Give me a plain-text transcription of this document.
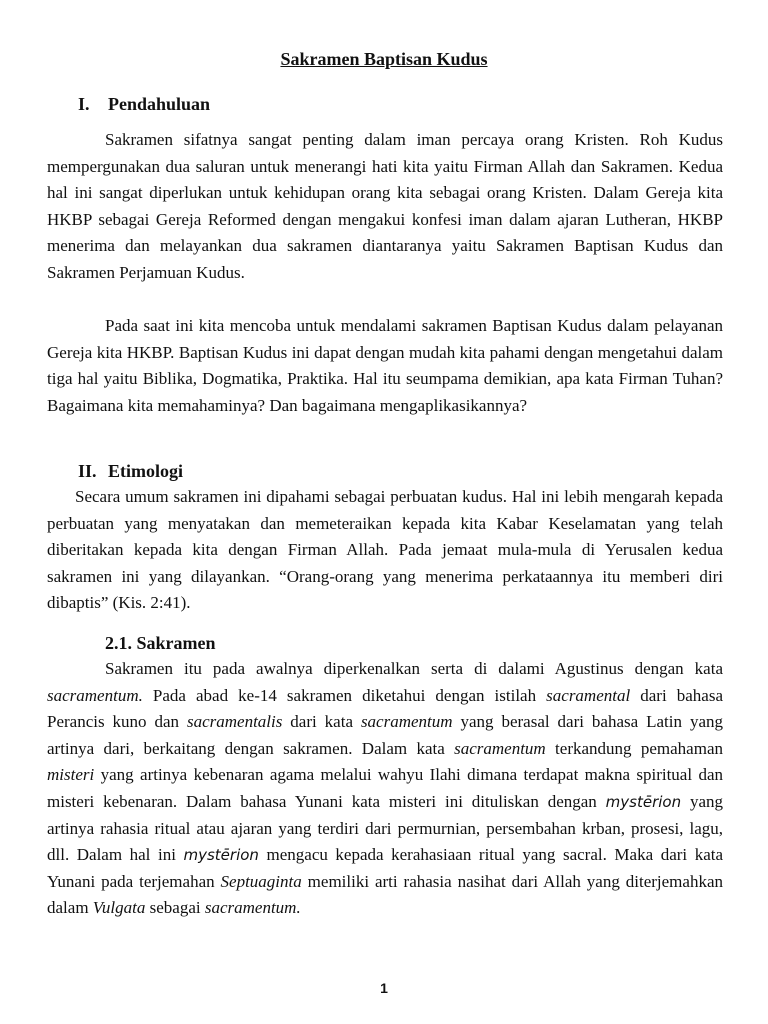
Sakramen Baptisan Kudus
I. Pendahuluan

Sakramen sifatnya sangat penting dalam iman percaya orang Kristen. Roh Kudus mempergunakan dua saluran untuk menerangi hati kita yaitu Firman Allah dan Sakramen. Kedua hal ini sangat diperlukan untuk kehidupan orang kita sebagai orang Kristen. Dalam Gereja kita HKBP sebagai Gereja Reformed dengan mengakui konfesi iman dalam ajaran Lutheran, HKBP menerima dan melayankan dua sakramen diantaranya yaitu Sakramen Baptisan Kudus dan Sakramen Perjamuan Kudus.

Pada saat ini kita mencoba untuk mendalami sakramen Baptisan Kudus dalam pelayanan Gereja kita HKBP. Baptisan Kudus ini dapat dengan mudah kita pahami dengan mengetahui dalam tiga hal yaitu Biblika, Dogmatika, Praktika. Hal itu seumpama demikian, apa kata Firman Tuhan? Bagaimana kita memahaminya? Dan bagaimana mengaplikasikannya?

II. Etimologi

Secara umum sakramen ini dipahami sebagai perbuatan kudus. Hal ini lebih mengarah kepada perbuatan yang menyatakan dan memeteraikan kepada kita Kabar Keselamatan yang telah diberitakan kepada kita dengan Firman Allah. Pada jemaat mula-mula di Yerusalen kedua sakramen ini yang dilayankan. “Orang-orang yang menerima perkataannya itu memberi diri dibaptis” (Kis. 2:41).

2.1. Sakramen

Sakramen itu pada awalnya diperkenalkan serta di dalami Agustinus dengan kata sacramentum. Pada abad ke-14 sakramen diketahui dengan istilah sacramental dari bahasa Perancis kuno dan sacramentalis dari kata sacramentum yang berasal dari bahasa Latin yang artinya dari, berkaitang dengan sakramen. Dalam kata sacramentum terkandung pemahaman misteri yang artinya kebenaran agama melalui wahyu Ilahi dimana terdapat makna spiritual dan misteri kebenaran. Dalam bahasa Yunani kata misteri ini dituliskan dengan mystērion yang artinya rahasia ritual atau ajaran yang terdiri dari permurnian, persembahan krban, prosesi, lagu, dll. Dalam hal ini mystērion mengacu kepada kerahasiaan ritual yang sacral. Maka dari kata Yunani pada terjemahan Septuaginta memiliki arti rahasia nasihat dari Allah yang diterjemahkan dalam Vulgata sebagai sacramentum.

1
